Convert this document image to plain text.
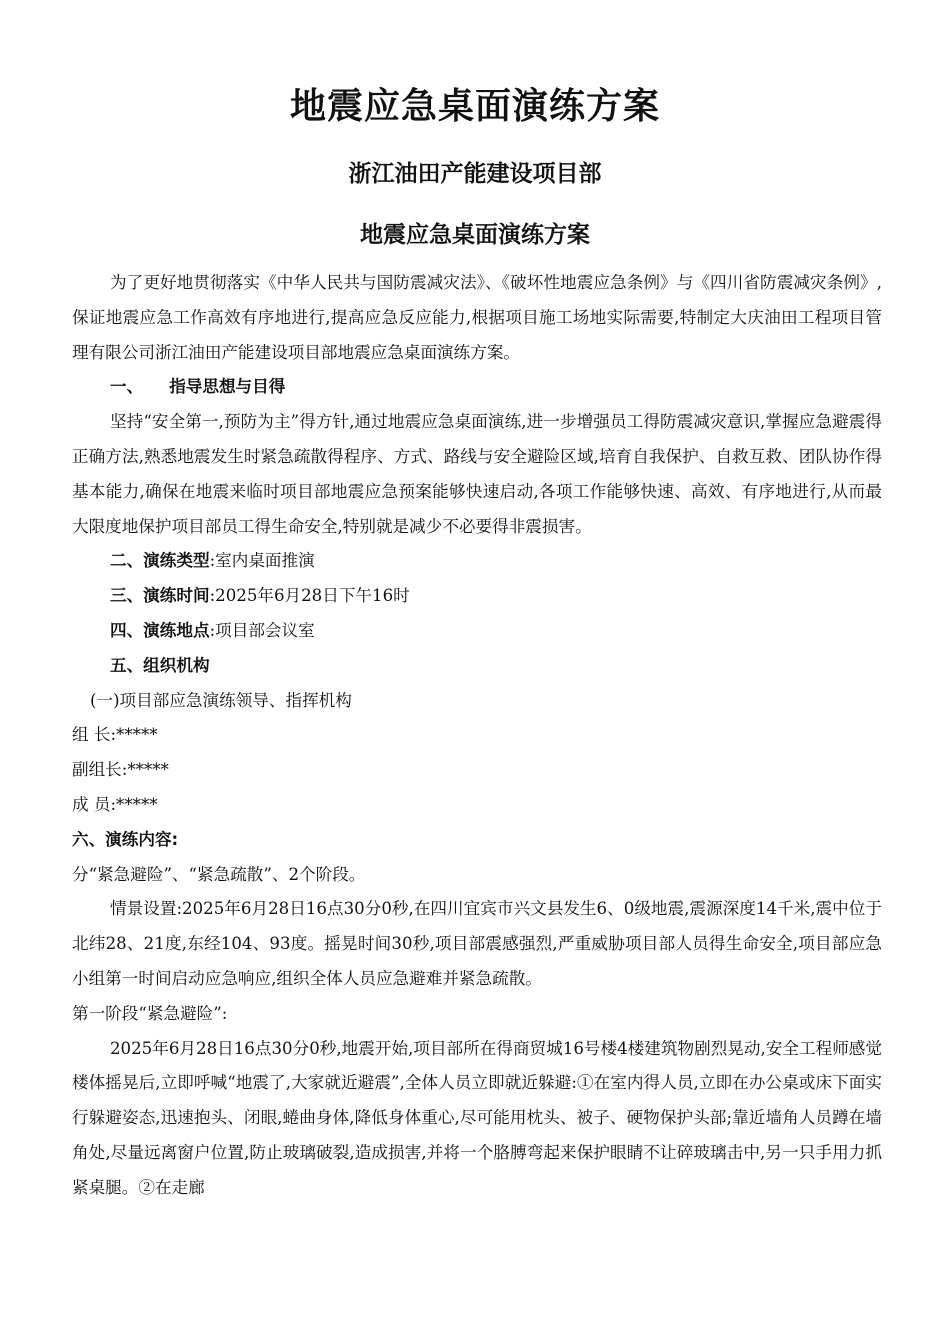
地震应急桌面演练方案
浙江油田产能建设项目部
地震应急桌面演练方案

为了更好地贯彻落实《中华人民共与国防震减灾法》、《破坏性地震应急条例》与《四川省防震减灾条例》,保证地震应急工作高效有序地进行,提高应急反应能力,根据项目施工场地实际需要,特制定大庆油田工程项目管理有限公司浙江油田产能建设项目部地震应急桌面演练方案。

一、 指导思想与目得

坚持“安全第一,预防为主”得方针,通过地震应急桌面演练,进一步增强员工得防震减灾意识,掌握应急避震得正确方法,熟悉地震发生时紧急疏散得程序、方式、路线与安全避险区域,培育自我保护、自救互救、团队协作得基本能力,确保在地震来临时项目部地震应急预案能够快速启动,各项工作能够快速、高效、有序地进行,从而最大限度地保护项目部员工得生命安全,特别就是减少不必要得非震损害。

二、演练类型:室内桌面推演

三、演练时间:2025年6月28日下午16时

四、演练地点:项目部会议室

五、组织机构

(一)项目部应急演练领导、指挥机构

组 长:*****

副组长:*****

成 员:*****

六、演练内容:

分“紧急避险”、“紧急疏散”、2个阶段。

情景设置:2025年6月28日16点30分0秒,在四川宜宾市兴文县发生6、0级地震,震源深度14千米,震中位于北纬28、21度,东经104、93度。摇晃时间30秒,项目部震感强烈,严重威胁项目部人员得生命安全,项目部应急小组第一时间启动应急响应,组织全体人员应急避难并紧急疏散。

第一阶段“紧急避险”:

2025年6月28日16点30分0秒,地震开始,项目部所在得商贸城16号楼4楼建筑物剧烈晃动,安全工程师感觉楼体摇晃后,立即呼喊“地震了,大家就近避震”,全体人员立即就近躲避:①在室内得人员,立即在办公桌或床下面实行躲避姿态,迅速抱头、闭眼,蜷曲身体,降低身体重心,尽可能用枕头、被子、硬物保护头部;靠近墙角人员蹲在墙角处,尽量远离窗户位置,防止玻璃破裂,造成损害,并将一个胳膊弯起来保护眼睛不让碎玻璃击中,另一只手用力抓紧桌腿。②在走廊
